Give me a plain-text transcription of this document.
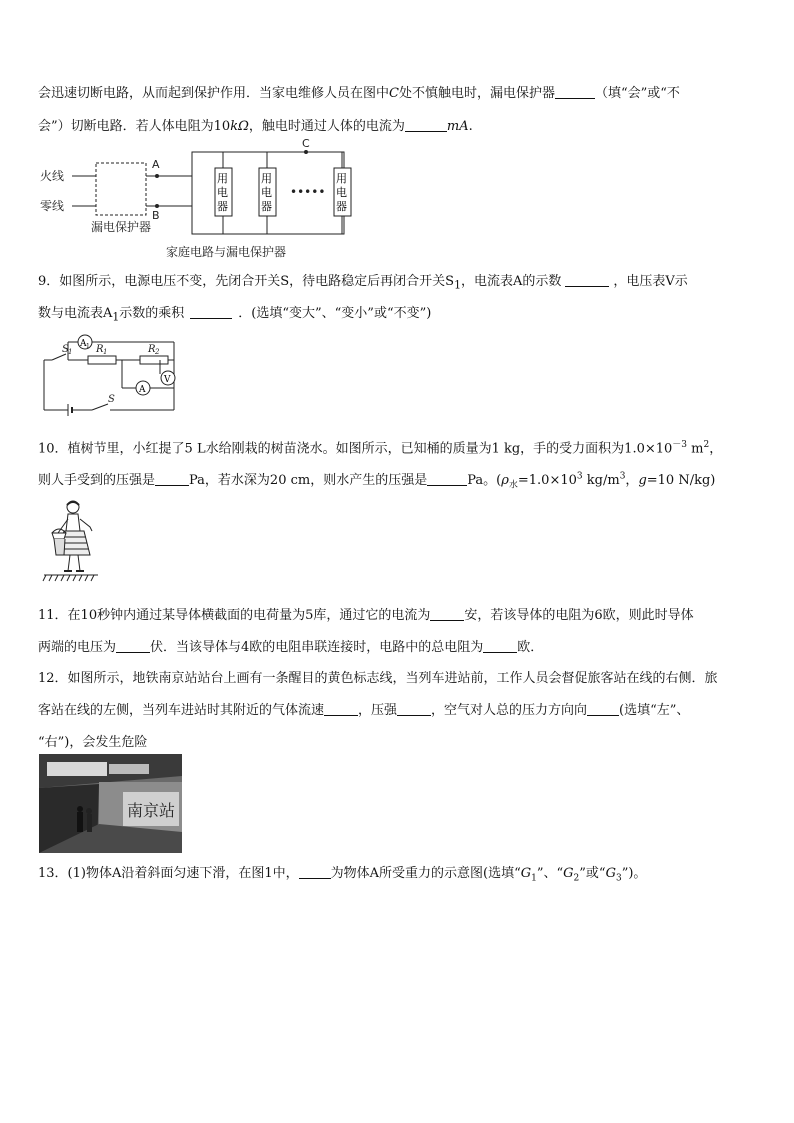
会迅速切断电路，从而起到保护作用．当家电维修人员在图中C处不慎触电时，漏电保护器	（填“会”或“不
会”）切断电路．若人体电阻为10kΩ，触电时通过人体的电流为	mA.
火线
零线
漏电保护器
A
B
C
用
电
器
用
电
器
•••••
用
电
器
家庭电路与漏电保护器
9．如图所示，电源电压不变，先闭合开关S，待电路稳定后再闭合开关$S_1$，电流表A的示数	，电压表V示
数与电流表$A_1$示数的乘积	．(选填“变大”、“变小”或“不变”)
A 1
A
V
S 1 R 1	R 2
S
10．植树节里，小红提了5 L水给刚栽的树苗浇水。如图所示，已知桶的质量为1 kg，手的受力面积为$1.0\times 10^{-3}$ $m^2$，
则人手受到的压强是	Pa，若水深为20 cm，则水产生的压强是	Pa。($\rho_水=1.0\times 10^3$ $kg/m^3$，g=10 N/kg)
11．在10秒钟内通过某导体横截面的电荷量为5库，通过它的电流为	安，若该导体的电阻为6欧，则此时导体
两端的电压为	伏．当该导体与4欧的电阻串联连接时，电路中的总电阻为	欧．
12．如图所示，地铁南京站站台上画有一条醒目的黄色标志线，当列车进站前，工作人员会督促旅客站在线的右侧．旅
客站在线的左侧，当列车进站时其附近的气体流速	，压强	，空气对人总的压力方向向 (选填“左”、
“右”)，会发生危险
南京站
13．(1)物体A沿着斜面匀速下滑，在图1中， 为物体A所受重力的示意图(选填“$G_1$”、“$G_2$”或“$G_3$”)。
